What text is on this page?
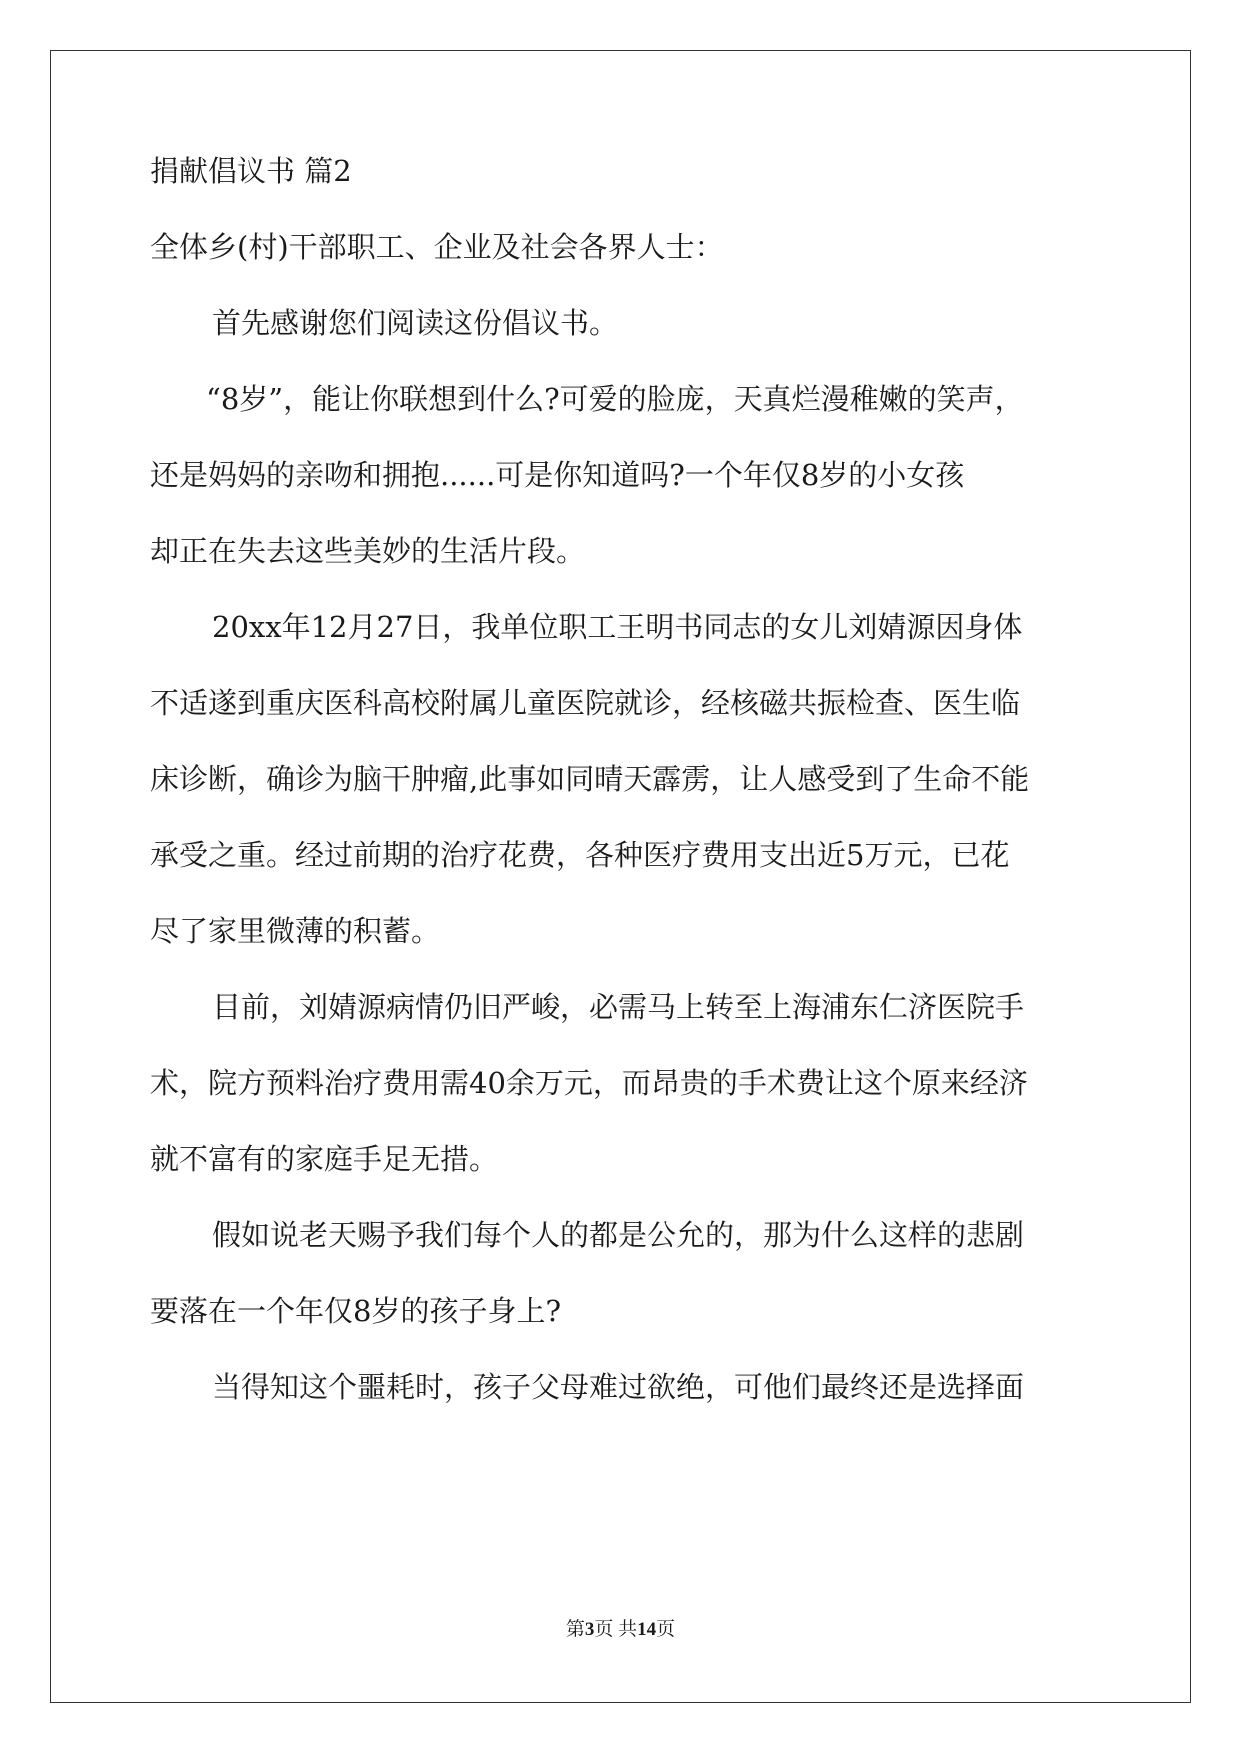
捐献倡议书 篇2
全体乡(村)干部职工、企业及社会各界人士：
首先感谢您们阅读这份倡议书。
“8岁”，能让你联想到什么?可爱的脸庞，天真烂漫稚嫩的笑声，
还是妈妈的亲吻和拥抱......可是你知道吗?一个年仅8岁的小女孩
却正在失去这些美妙的生活片段。
20xx年12月27日，我单位职工王明书同志的女儿刘婧源因身体
不适遂到重庆医科高校附属儿童医院就诊，经核磁共振检查、医生临
床诊断，确诊为脑干肿瘤,此事如同晴天霹雳，让人感受到了生命不能
承受之重。经过前期的治疗花费，各种医疗费用支出近5万元，已花
尽了家里微薄的积蓄。
目前，刘婧源病情仍旧严峻，必需马上转至上海浦东仁济医院手
术，院方预料治疗费用需40余万元，而昂贵的手术费让这个原来经济
就不富有的家庭手足无措。
假如说老天赐予我们每个人的都是公允的，那为什么这样的悲剧
要落在一个年仅8岁的孩子身上?
当得知这个噩耗时，孩子父母难过欲绝，可他们最终还是选择面
第3页 共14页
